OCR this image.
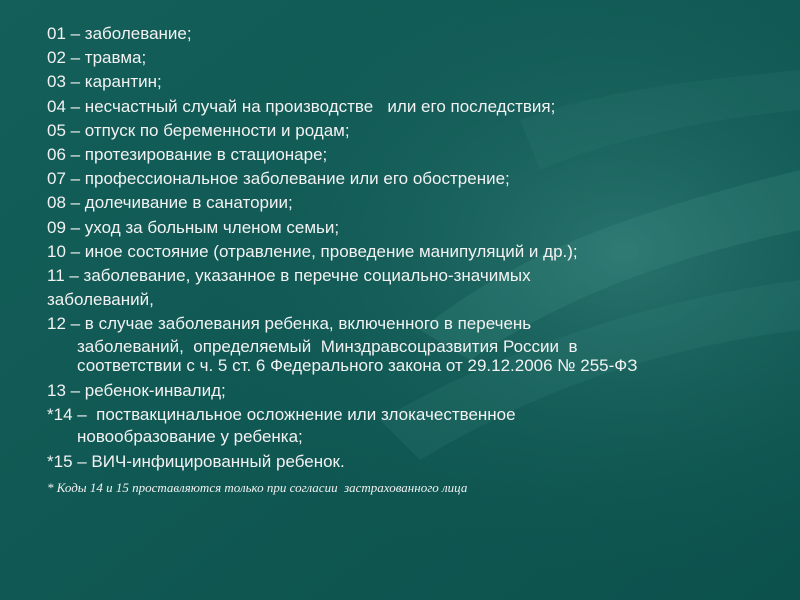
01 – заболевание;

02 – травма;

03 – карантин;

04 – несчастный случай на производстве   или его последствия;

05 – отпуск по беременности и родам;

06 – протезирование в стационаре;

07 – профессиональное заболевание или его обострение;

08 – долечивание в санатории;

09 – уход за больным членом семьи;

10 – иное состояние (отравление, проведение манипуляций и др.);

11 – заболевание, указанное в перечне социально-значимых

заболеваний,

12 – в случае заболевания ребенка, включенного в перечень

заболеваний,  определяемый  Минздравсоцразвития России  в

соответствии с ч. 5 ст. 6 Федерального закона от 29.12.2006 № 255-ФЗ

13 – ребенок-инвалид;

*14 –  поствакцинальное осложнение или злокачественное

новообразование у ребенка;

*15 – ВИЧ-инфицированный ребенок.

* Коды 14 и 15 проставляются только при согласии  застрахованного лица
